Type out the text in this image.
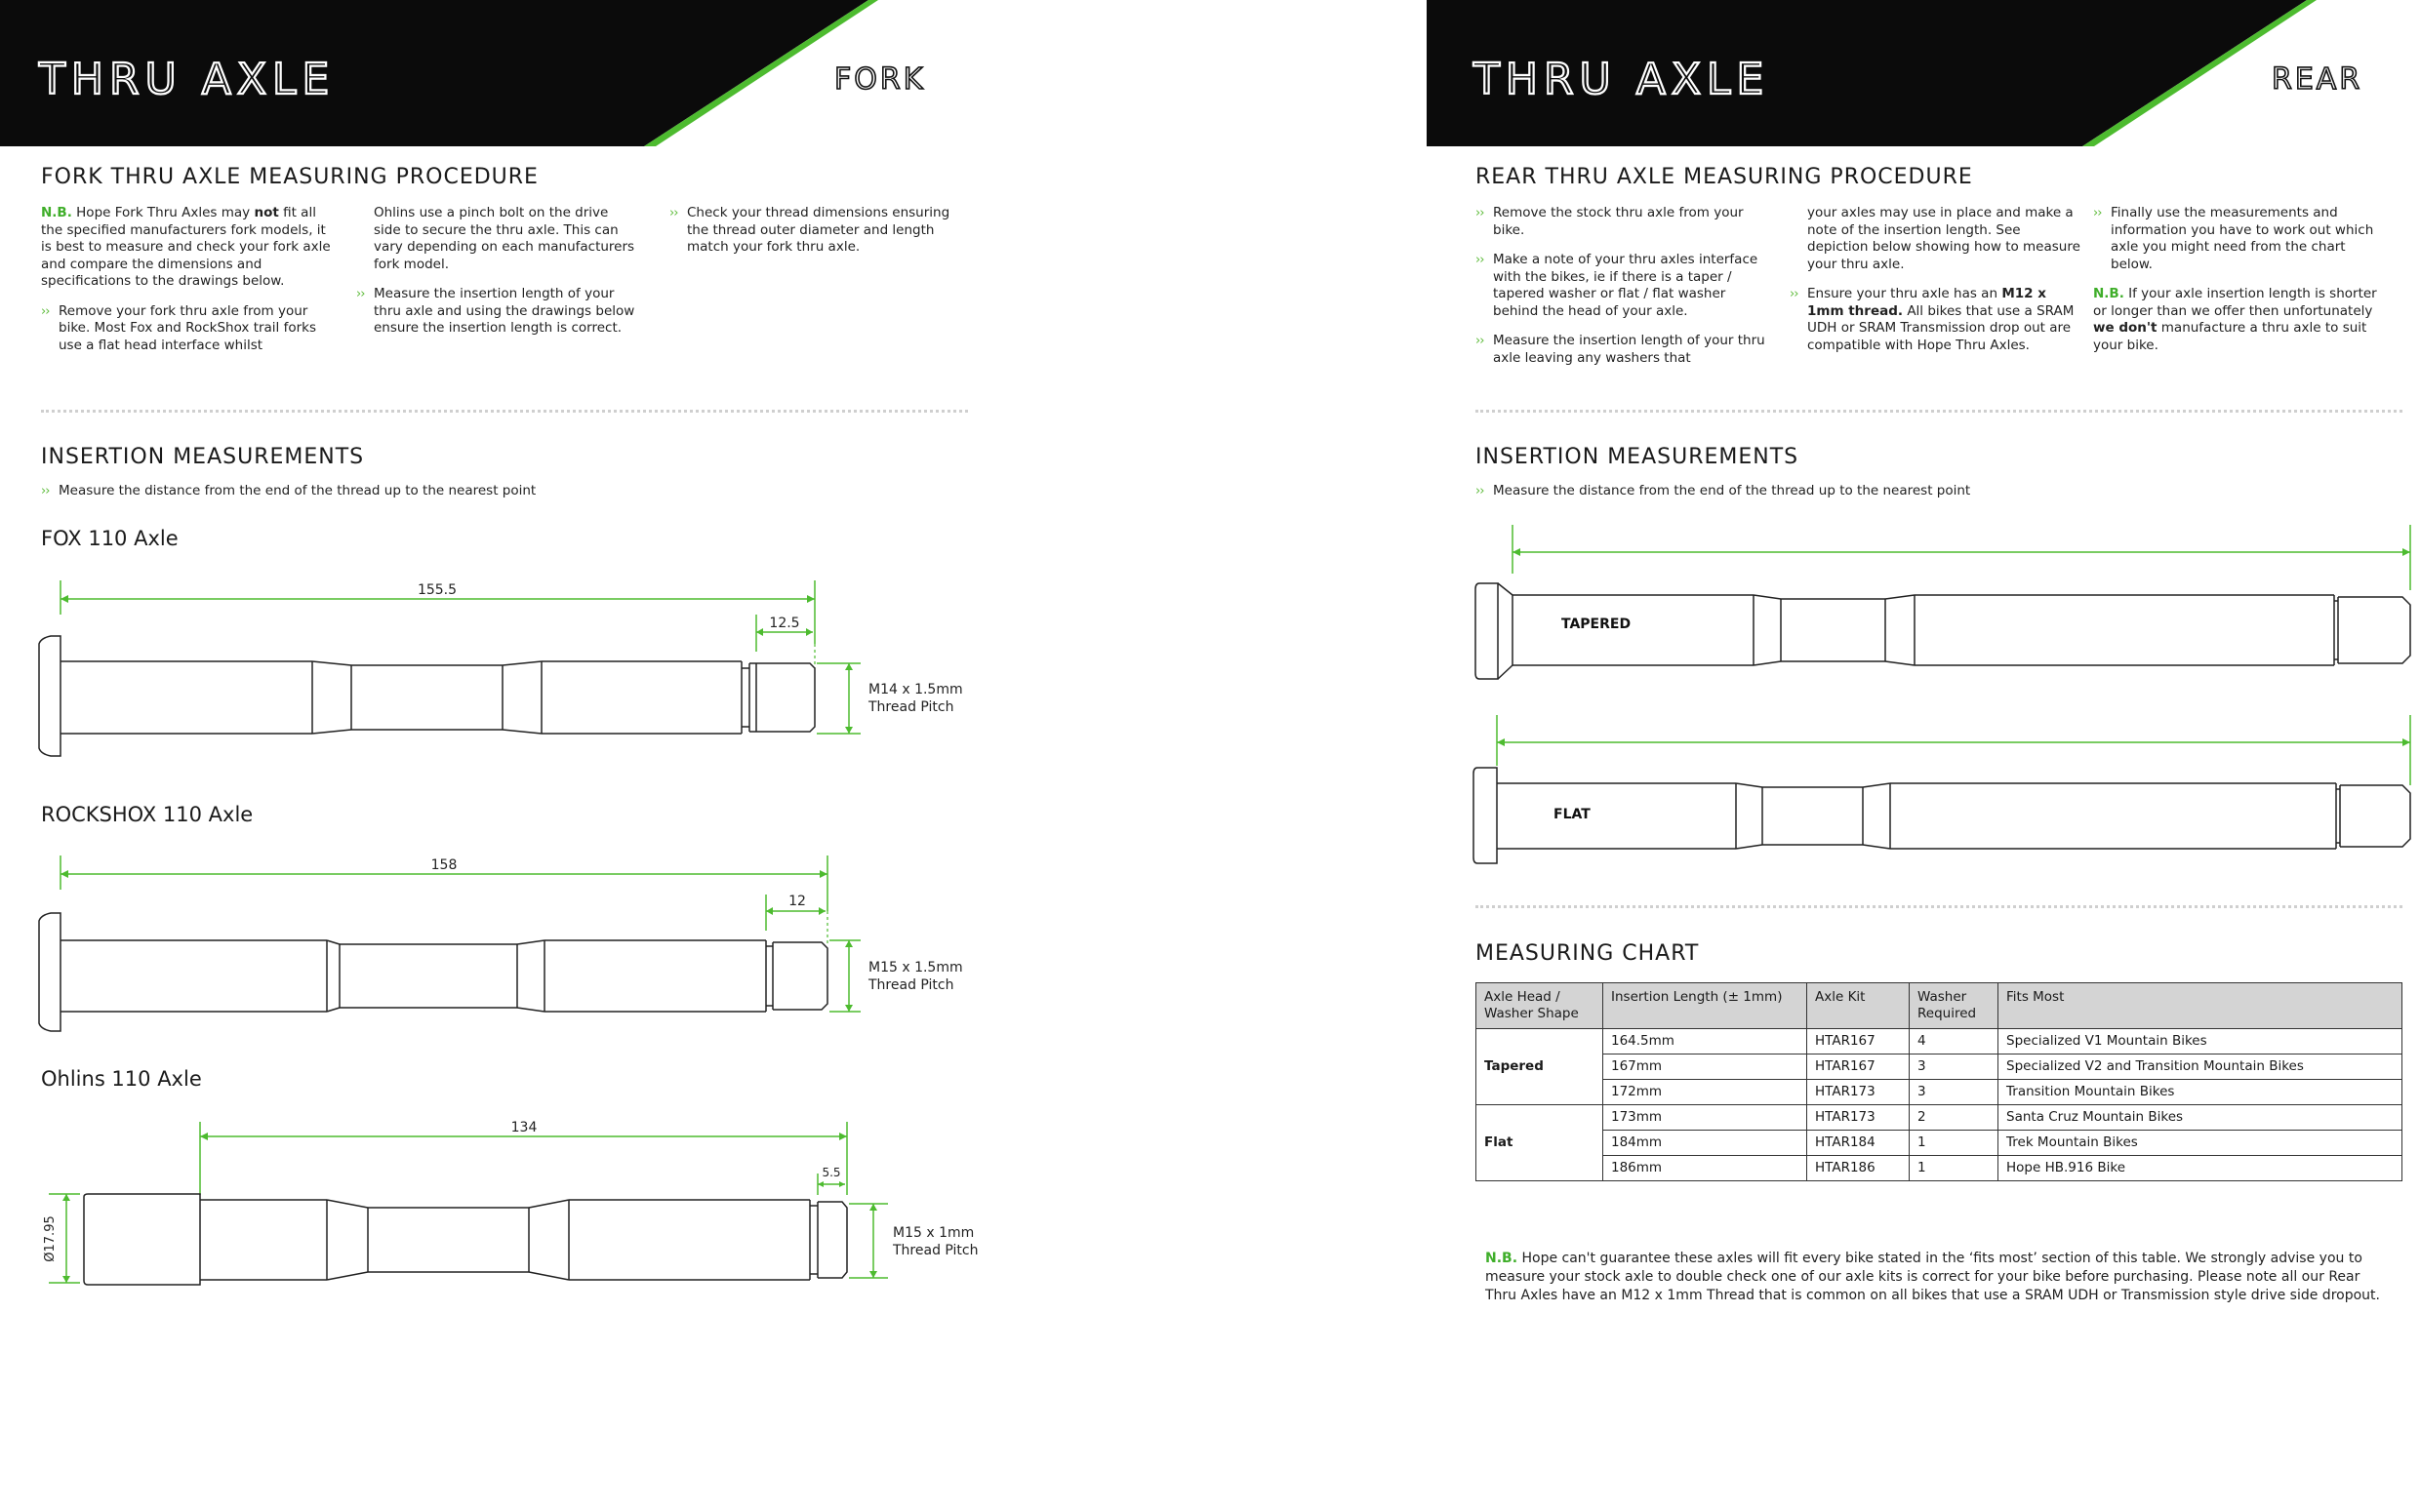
THRU AXLE	FORK
FORK THRU AXLE MEASURING PROCEDURE

N.B. Hope Fork Thru Axles may not fit all the specified manufacturers fork models, it is best to measure and check your fork axle and compare the dimensions and specifications to the drawings below.

›› Remove your fork thru axle from your bike. Most Fox and RockShox trail forks use a flat head interface whilst

Ohlins use a pinch bolt on the drive side to secure the thru axle. This can vary depending on each manufacturers fork model.

›› Measure the insertion length of your thru axle and using the drawings below ensure the insertion length is correct.

›› Check your thread dimensions ensuring the thread outer diameter and length match your fork thru axle.

INSERTION MEASUREMENTS
›› Measure the distance from the end of the thread up to the nearest point
FOX 110 Axle
155.5
12.5
M14 x 1.5mm
Thread Pitch
ROCKSHOX 110 Axle
158
12
M15 x 1.5mm
Thread Pitch
Ohlins 110 Axle
134
5.5
M15 x 1mm
Thread Pitch
Ø17.95
THRU AXLE	REAR
REAR THRU AXLE MEASURING PROCEDURE

›› Remove the stock thru axle from your bike.

›› Make a note of your thru axles interface with the bikes, ie if there is a taper / tapered washer or flat / flat washer behind the head of your axle.

›› Measure the insertion length of your thru axle leaving any washers that

your axles may use in place and make a note of the insertion length. See depiction below showing how to measure your thru axle.

›› Ensure your thru axle has an M12 x 1mm thread. All bikes that use a SRAM UDH or SRAM Transmission drop out are compatible with Hope Thru Axles.

›› Finally use the measurements and information you have to work out which axle you might need from the chart below.

N.B. If your axle insertion length is shorter or longer than we offer then unfortunately we don't manufacture a thru axle to suit your bike.

INSERTION MEASUREMENTS
›› Measure the distance from the end of the thread up to the nearest point
TAPERED
FLAT
MEASURING CHART
Axle Head / Washer Shape	Insertion Length (± 1mm)	Axle Kit	Washer Required	Fits Most
Tapered	164.5mm	HTAR167	4	Specialized V1 Mountain Bikes
	167mm	HTAR167	3	Specialized V2 and Transition Mountain Bikes
	172mm	HTAR173	3	Transition Mountain Bikes
Flat	173mm	HTAR173	2	Santa Cruz Mountain Bikes
	184mm	HTAR184	1	Trek Mountain Bikes
	186mm	HTAR186	1	Hope HB.916 Bike
N.B. Hope can't guarantee these axles will fit every bike stated in the ‘fits most’ section of this table. We strongly advise you to measure your stock axle to double check one of our axle kits is correct for your bike before purchasing. Please note all our Rear Thru Axles have an M12 x 1mm Thread that is common on all bikes that use a SRAM UDH or Transmission style drive side dropout.
